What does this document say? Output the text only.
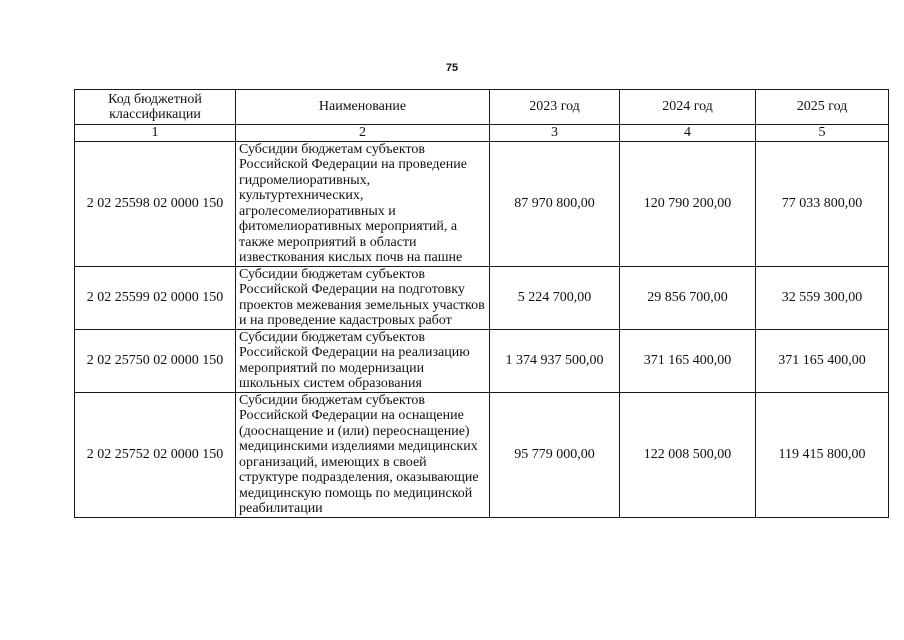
75
Код бюджетной классификации	Наименование	2023 год	2024 год	2025 год
1	2	3	4	5
2 02 25598 02 0000 150	Субсидии бюджетам субъектов Российской Федерации на проведение гидромелиоративных, культуртехнических, агролесомелиоративных и фитомелиоративных мероприятий, а также мероприятий в области известкования кислых почв на пашне	87 970 800,00	120 790 200,00	77 033 800,00
2 02 25599 02 0000 150	Субсидии бюджетам субъектов Российской Федерации на подготовку проектов межевания земельных участков и на проведение кадастровых работ	5 224 700,00	29 856 700,00	32 559 300,00
2 02 25750 02 0000 150	Субсидии бюджетам субъектов Российской Федерации на реализацию мероприятий по модернизации школьных систем образования	1 374 937 500,00	371 165 400,00	371 165 400,00
2 02 25752 02 0000 150	Субсидии бюджетам субъектов Российской Федерации на оснащение (дооснащение и (или) переоснащение) медицинскими изделиями медицинских организаций, имеющих в своей структуре подразделения, оказывающие медицинскую помощь по медицинской реабилитации	95 779 000,00	122 008 500,00	119 415 800,00
